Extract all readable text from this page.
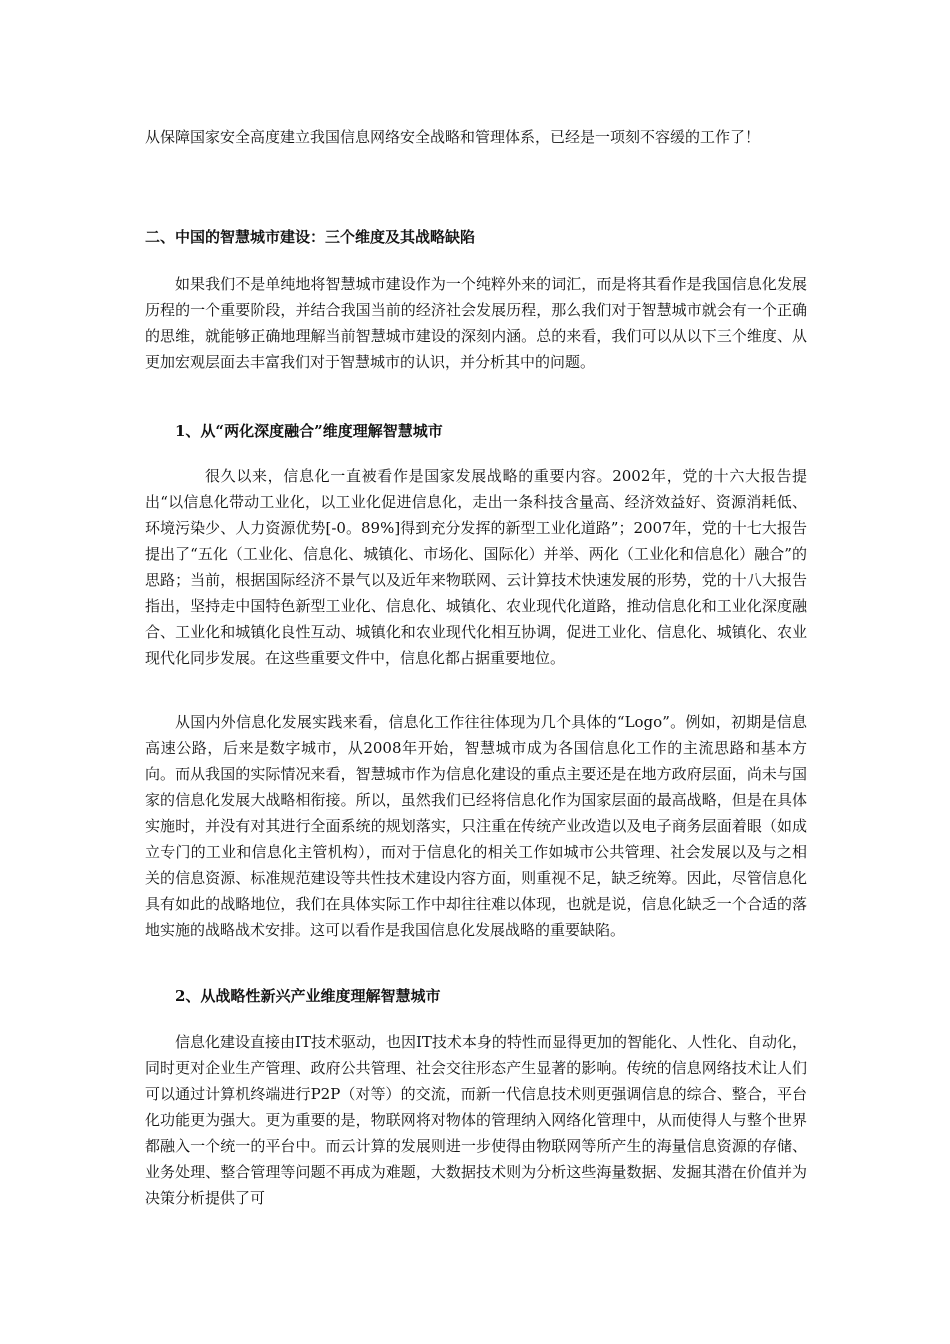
从保障国家安全高度建立我国信息网络安全战略和管理体系，已经是一项刻不容缓的工作了！

二、中国的智慧城市建设：三个维度及其战略缺陷

如果我们不是单纯地将智慧城市建设作为一个纯粹外来的词汇，而是将其看作是我国信息化发展历程的一个重要阶段，并结合我国当前的经济社会发展历程，那么我们对于智慧城市就会有一个正确的思维，就能够正确地理解当前智慧城市建设的深刻内涵。总的来看，我们可以从以下三个维度、从更加宏观层面去丰富我们对于智慧城市的认识，并分析其中的问题。

1、从“两化深度融合”维度理解智慧城市

很久以来，信息化一直被看作是国家发展战略的重要内容。2002年，党的十六大报告提出“以信息化带动工业化，以工业化促进信息化，走出一条科技含量高、经济效益好、资源消耗低、环境污染少、人力资源优势[-0。89%]得到充分发挥的新型工业化道路”；2007年，党的十七大报告提出了“五化（工业化、信息化、城镇化、市场化、国际化）并举、两化（工业化和信息化）融合”的思路；当前，根据国际经济不景气以及近年来物联网、云计算技术快速发展的形势，党的十八大报告指出，坚持走中国特色新型工业化、信息化、城镇化、农业现代化道路，推动信息化和工业化深度融合、工业化和城镇化良性互动、城镇化和农业现代化相互协调，促进工业化、信息化、城镇化、农业现代化同步发展。在这些重要文件中，信息化都占据重要地位。

从国内外信息化发展实践来看，信息化工作往往体现为几个具体的“Logo”。例如，初期是信息高速公路，后来是数字城市，从2008年开始，智慧城市成为各国信息化工作的主流思路和基本方向。而从我国的实际情况来看，智慧城市作为信息化建设的重点主要还是在地方政府层面，尚未与国家的信息化发展大战略相衔接。所以，虽然我们已经将信息化作为国家层面的最高战略，但是在具体实施时，并没有对其进行全面系统的规划落实，只注重在传统产业改造以及电子商务层面着眼（如成立专门的工业和信息化主管机构），而对于信息化的相关工作如城市公共管理、社会发展以及与之相关的信息资源、标准规范建设等共性技术建设内容方面，则重视不足，缺乏统筹。因此，尽管信息化具有如此的战略地位，我们在具体实际工作中却往往难以体现，也就是说，信息化缺乏一个合适的落地实施的战略战术安排。这可以看作是我国信息化发展战略的重要缺陷。

2、从战略性新兴产业维度理解智慧城市

信息化建设直接由IT技术驱动，也因IT技术本身的特性而显得更加的智能化、人性化、自动化，同时更对企业生产管理、政府公共管理、社会交往形态产生显著的影响。传统的信息网络技术让人们可以通过计算机终端进行P2P（对等）的交流，而新一代信息技术则更强调信息的综合、整合，平台化功能更为强大。更为重要的是，物联网将对物体的管理纳入网络化管理中，从而使得人与整个世界都融入一个统一的平台中。而云计算的发展则进一步使得由物联网等所产生的海量信息资源的存储、业务处理、整合管理等问题不再成为难题，大数据技术则为分析这些海量数据、发掘其潜在价值并为决策分析提供了可
